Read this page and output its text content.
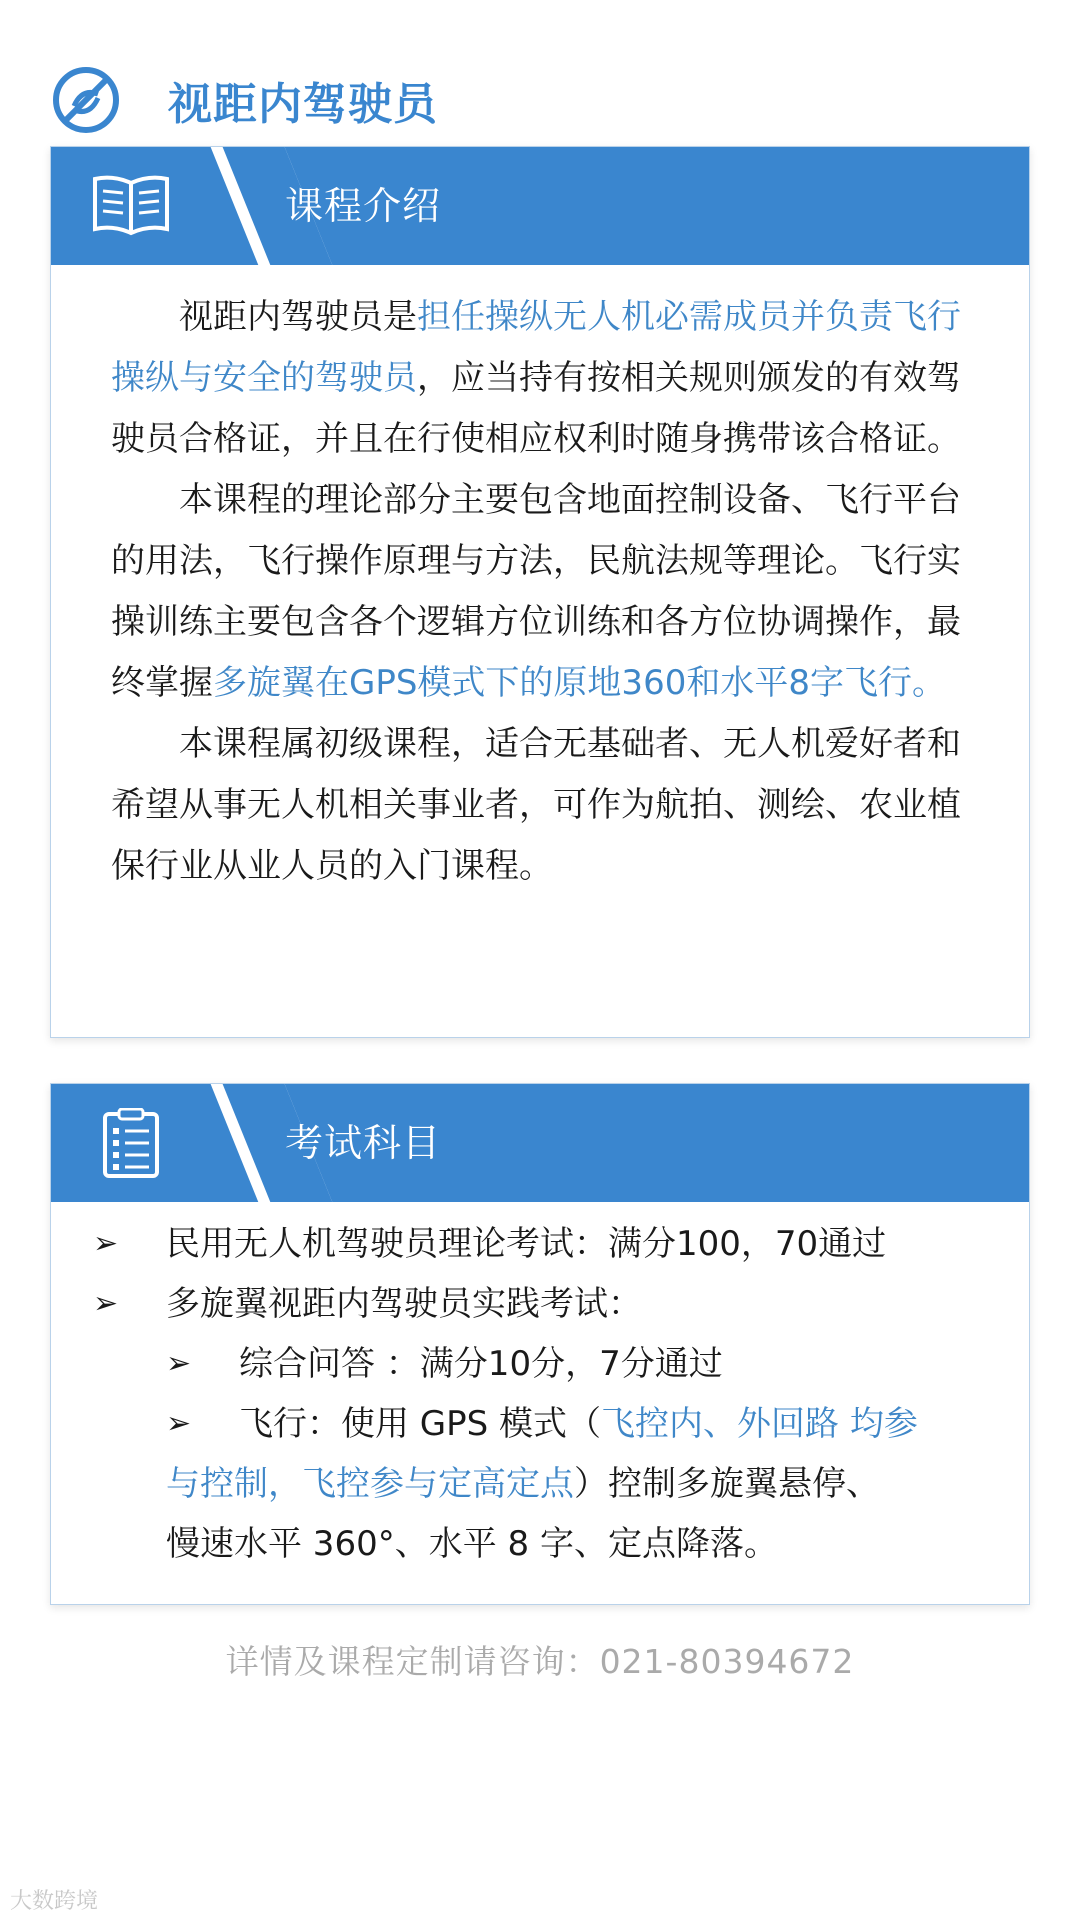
视距内驾驶员
课程介绍

视距内驾驶员是担任操纵无人机必需成员并负责飞行操纵与安全的驾驶员，应当持有按相关规则颁发的有效驾驶员合格证，并且在行使相应权利时随身携带该合格证。

本课程的理论部分主要包含地面控制设备、飞行平台的用法，飞行操作原理与方法，民航法规等理论。飞行实操训练主要包含各个逻辑方位训练和各方位协调操作，最终掌握多旋翼在GPS模式下的原地360和水平8字飞行。

本课程属初级课程，适合无基础者、无人机爱好者和希望从事无人机相关事业者，可作为航拍、测绘、农业植保行业从业人员的入门课程。

考试科目
➢ 民用无人机驾驶员理论考试：满分100，70通过
➢ 多旋翼视距内驾驶员实践考试：
➢ 综合问答 ：满分10分，7分通过
➢ 飞行：使用 GPS 模式（飞控内、外回路 均参
与控制，飞控参与定高定点）控制多旋翼悬停、
慢速水平 360°、水平 8 字、定点降落。
详情及课程定制请咨询：021-80394672
大数跨境
